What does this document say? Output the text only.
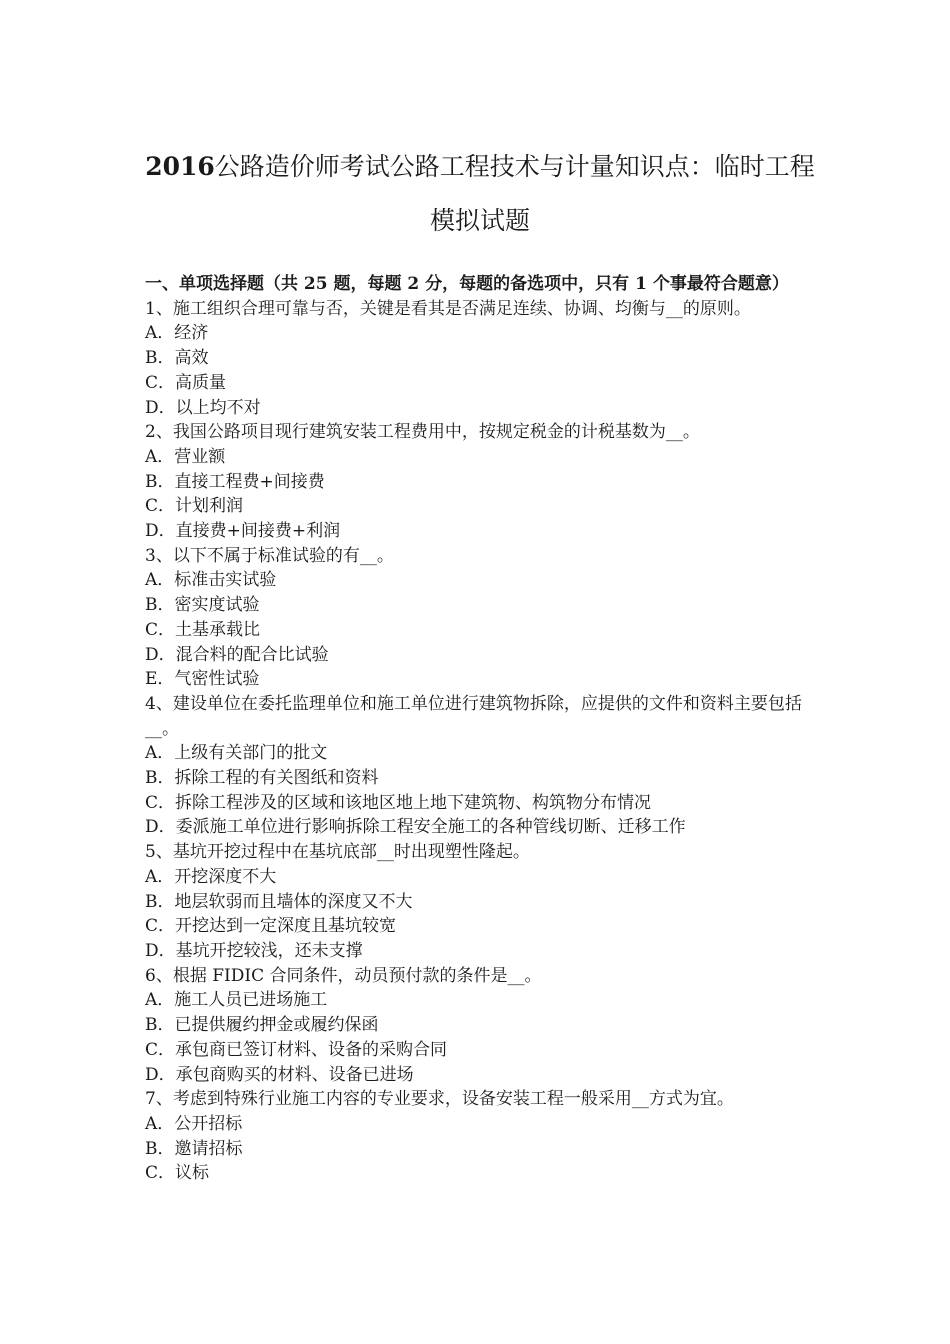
2016公路造价师考试公路工程技术与计量知识点：临时工程模拟试题

一、单项选择题（共 25 题，每题 2 分，每题的备选项中，只有 1 个事最符合题意）

1、施工组织合理可靠与否，关键是看其是否满足连续、协调、均衡与__的原则。

A．经济

B．高效

C．高质量

D．以上均不对

2、我国公路项目现行建筑安装工程费用中，按规定税金的计税基数为__。

A．营业额

B．直接工程费+间接费

C．计划利润

D．直接费+间接费+利润

3、以下不属于标准试验的有__。

A．标准击实试验

B．密实度试验

C．土基承载比

D．混合料的配合比试验

E．气密性试验

4、建设单位在委托监理单位和施工单位进行建筑物拆除，应提供的文件和资料主要包括__。

A．上级有关部门的批文

B．拆除工程的有关图纸和资料

C．拆除工程涉及的区域和该地区地上地下建筑物、构筑物分布情况

D．委派施工单位进行影响拆除工程安全施工的各种管线切断、迁移工作

5、基坑开挖过程中在基坑底部__时出现塑性隆起。

A．开挖深度不大

B．地层软弱而且墙体的深度又不大

C．开挖达到一定深度且基坑较宽

D．基坑开挖较浅，还未支撑

6、根据 FIDIC 合同条件，动员预付款的条件是__。

A．施工人员已进场施工

B．已提供履约押金或履约保函

C．承包商已签订材料、设备的采购合同

D．承包商购买的材料、设备已进场

7、考虑到特殊行业施工内容的专业要求，设备安装工程一般采用__方式为宜。

A．公开招标

B．邀请招标

C．议标
